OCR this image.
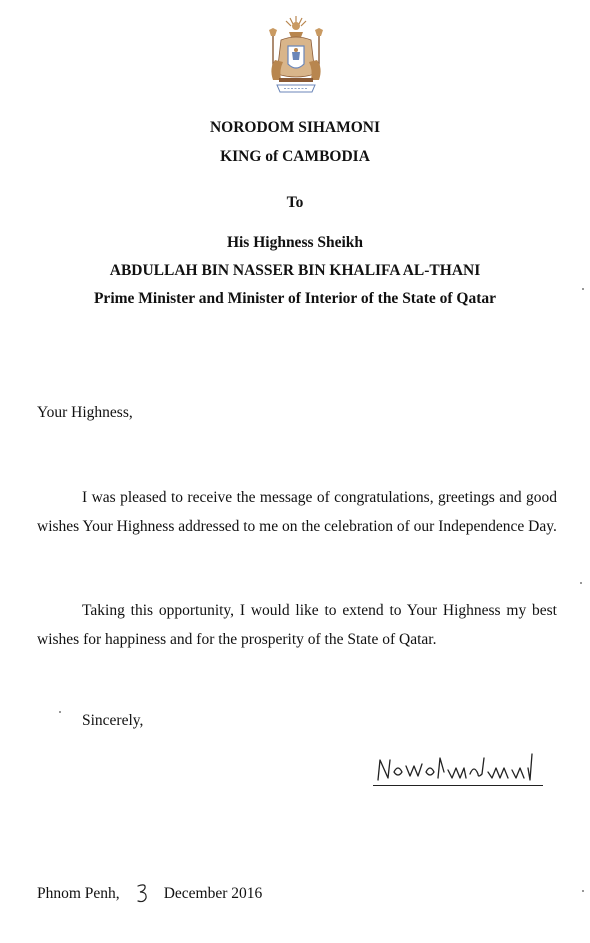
NORODOM SIHAMONI
KING of CAMBODIA
To
His Highness Sheikh
ABDULLAH BIN NASSER BIN KHALIFA AL-THANI
Prime Minister and Minister of Interior of the State of Qatar
Your Highness,
I was pleased to receive the message of congratulations, greetings and good wishes Your Highness addressed to me on the celebration of our Independence Day.
Taking this opportunity, I would like to extend to Your Highness my best wishes for happiness and for the prosperity of the State of Qatar.
Sincerely,
Phnom Penh,	3 December 2016
